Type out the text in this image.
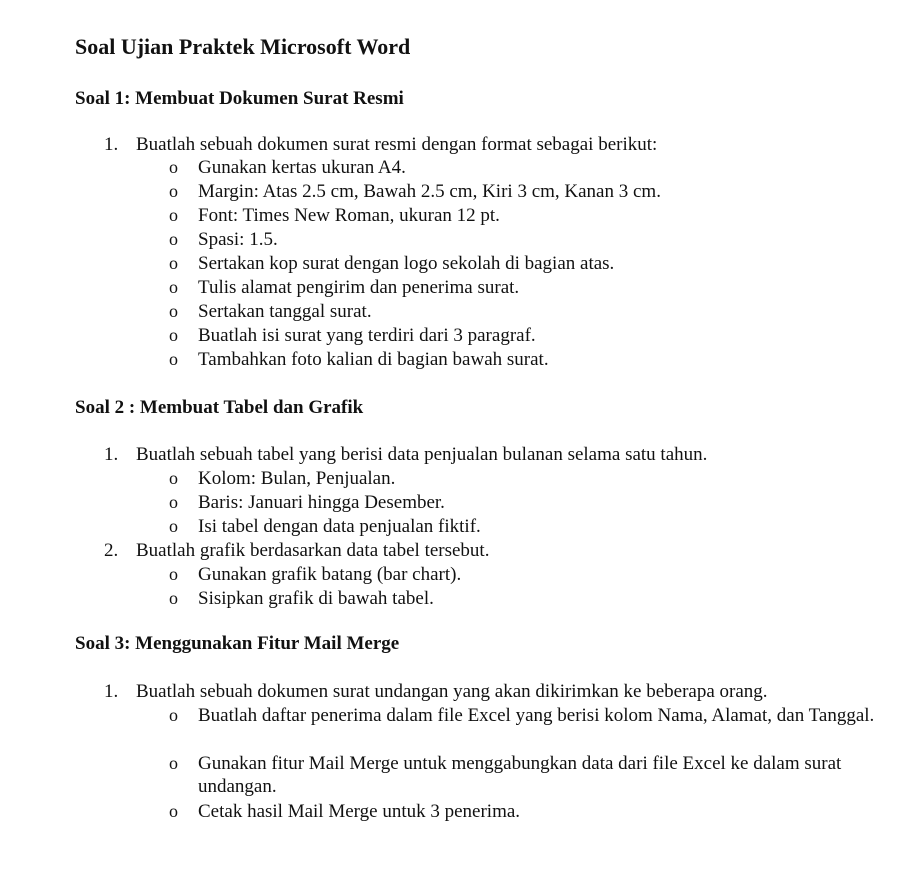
Soal Ujian Praktek Microsoft Word
Soal 1: Membuat Dokumen Surat Resmi
1. Buatlah sebuah dokumen surat resmi dengan format sebagai berikut:
o Gunakan kertas ukuran A4.
o Margin: Atas 2.5 cm, Bawah 2.5 cm, Kiri 3 cm, Kanan 3 cm.
o Font: Times New Roman, ukuran 12 pt.
o Spasi: 1.5.
o Sertakan kop surat dengan logo sekolah di bagian atas.
o Tulis alamat pengirim dan penerima surat.
o Sertakan tanggal surat.
o Buatlah isi surat yang terdiri dari 3 paragraf.
o Tambahkan foto kalian di bagian bawah surat.
Soal 2 : Membuat Tabel dan Grafik
1. Buatlah sebuah tabel yang berisi data penjualan bulanan selama satu tahun.
o Kolom: Bulan, Penjualan.
o Baris: Januari hingga Desember.
o Isi tabel dengan data penjualan fiktif.
2. Buatlah grafik berdasarkan data tabel tersebut.
o Gunakan grafik batang (bar chart).
o Sisipkan grafik di bawah tabel.
Soal 3: Menggunakan Fitur Mail Merge
1. Buatlah sebuah dokumen surat undangan yang akan dikirimkan ke beberapa orang.
o Buatlah daftar penerima dalam file Excel yang berisi kolom Nama, Alamat, dan Tanggal.
o Gunakan fitur Mail Merge untuk menggabungkan data dari file Excel ke dalam surat undangan.
o Cetak hasil Mail Merge untuk 3 penerima.
